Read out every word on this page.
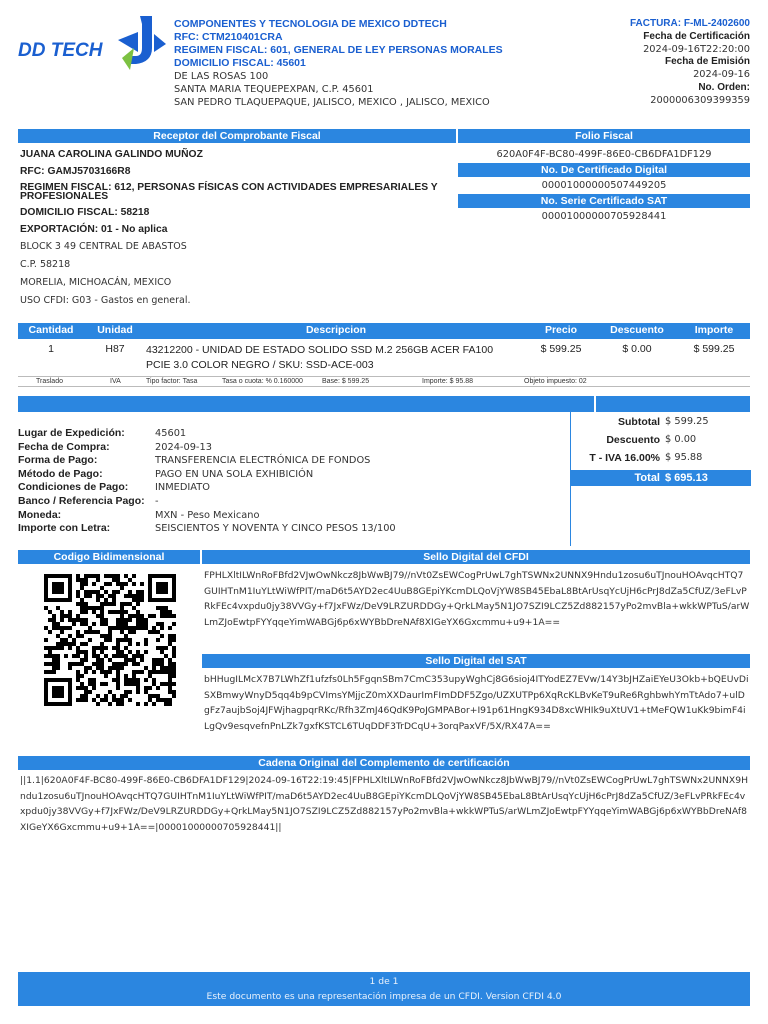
DD TECH
COMPONENTES Y TECNOLOGIA DE MEXICO DDTECH
RFC: CTM210401CRA
REGIMEN FISCAL: 601, GENERAL DE LEY PERSONAS MORALES
DOMICILIO FISCAL: 45601
DE LAS ROSAS 100
SANTA MARIA TEQUEPEXPAN, C.P. 45601
SAN PEDRO TLAQUEPAQUE, JALISCO, MEXICO , JALISCO, MEXICO
FACTURA: F-ML-2402600
Fecha de Certificación
2024-09-16T22:20:00
Fecha de Emisión
2024-09-16
No. Orden:
2000006309399359
Receptor del Comprobante Fiscal	Folio Fiscal
JUANA CAROLINA GALINDO MUÑOZ
RFC: GAMJ5703166R8
REGIMEN FISCAL: 612, PERSONAS FÍSICAS CON ACTIVIDADES EMPRESARIALES Y
PROFESIONALES
DOMICILIO FISCAL: 58218
EXPORTACIÓN: 01 - No aplica
BLOCK 3 49 CENTRAL DE ABASTOS
C.P. 58218
MORELIA, MICHOACÁN, MEXICO
USO CFDI: G03 - Gastos en general.
620A0F4F-BC80-499F-86E0-CB6DFA1DF129
No. De Certificado Digital
00001000000507449205
No. Serie Certificado SAT
00001000000705928441
Cantidad	Unidad	Descripcion	Precio	Descuento	Importe
1	H87	43212200 - UNIDAD DE ESTADO SOLIDO SSD M.2 256GB ACER FA100
PCIE 3.0 COLOR NEGRO / SKU: SSD-ACE-003
$ 599.25	$ 0.00	$ 599.25
Traslado	IVA	Tipo factor: Tasa	Tasa o cuota: % 0.160000	Base: $ 599.25	Importe: $ 95.88	Objeto impuesto: 02
Lugar de Expedición:	45601
Fecha de Compra:	2024-09-13
Forma de Pago:	TRANSFERENCIA ELECTRÓNICA DE FONDOS
Método de Pago:	PAGO EN UNA SOLA EXHIBICIÓN
Condiciones de Pago:	INMEDIATO
Banco / Referencia Pago: -
Moneda:	MXN - Peso Mexicano
Importe con Letra:	SEISCIENTOS Y NOVENTA Y CINCO PESOS 13/100
Subtotal $ 599.25
Descuento $ 0.00
T - IVA 16.00% $ 95.88
Total $ 695.13
Codigo Bidimensional	Sello Digital del CFDI
FPHLXltILWnRoFBfd2VJwOwNkcz8JbWwBJ79//nVt0ZsEWCogPrUwL7ghTSWNx2UNNX9Hndu1zosu6uTJnouHOAvqcHTQ7GUIHTnM1IuYLtWiWfPIT/maD6t5AYD2ec4UuB8GEpiYKcmDLQoVjYW8SB45EbaL8BtArUsqYcUjH6cPrJ8dZa5CfUZ/3eFLvPRkFEc4vxpdu0jy38VVGy+f7JxFWz/DeV9LRZURDDGy+QrkLMay5N1JO7SZI9LCZ5Zd882157yPo2mvBla+wkkWPTuS/arWLmZJoEwtpFYYqqeYimWABGj6p6xWYBbDreNAf8XIGeYX6Gxcmmu+u9+1A==
Sello Digital del SAT
bHHugILMcX7B7LWhZf1ufzfs0Lh5FgqnSBm7CmC353upyWghCj8G6sioj4ITYodEZ7EVw/14Y3bJHZaiEYeU3Okb+bQEUvDiSXBmwyWnyD5qq4b9pCVImsYMjjcZ0mXXDaurImFImDDF5Zgo/UZXUTPp6XqRcKLBvKeT9uRe6RghbwhYmTtAdo7+ulDgFz7aujbSoj4JFWjhagpqrRKc/Rfh3ZmJ46QdK9PoJGMPABor+I91p61HngK934D8xcWHIk9uXtUV1+tMeFQW1uKk9bimF4iLgQv9esqvefnPnLZk7gxfKSTCL6TUqDDF3TrDCqU+3orqPaxVF/5X/RX47A==
Cadena Original del Complemento de certificación
||1.1|620A0F4F-BC80-499F-86E0-CB6DFA1DF129|2024-09-16T22:19:45|FPHLXltILWnRoFBfd2VJwOwNkcz8JbWwBJ79//nVt0ZsEWCogPrUwL7ghTSWNx2UNNX9Hndu1zosu6uTJnouHOAvqcHTQ7GUIHTnM1IuYLtWiWfPIT/maD6t5AYD2ec4UuB8GEpiYKcmDLQoVjYW8SB45EbaL8BtArUsqYcUjH6cPrJ8dZa5CfUZ/3eFLvPRkFEc4vxpdu0jy38VVGy+f7JxFWz/DeV9LRZURDDGy+QrkLMay5N1JO7SZI9LCZ5Zd882157yPo2mvBla+wkkWPTuS/arWLmZJoEwtpFYYqqeYimWABGj6p6xWYBbDreNAf8XIGeYX6Gxcmmu+u9+1A==|00001000000705928441||
1 de 1
Este documento es una representación impresa de un CFDI. Version CFDI 4.0
